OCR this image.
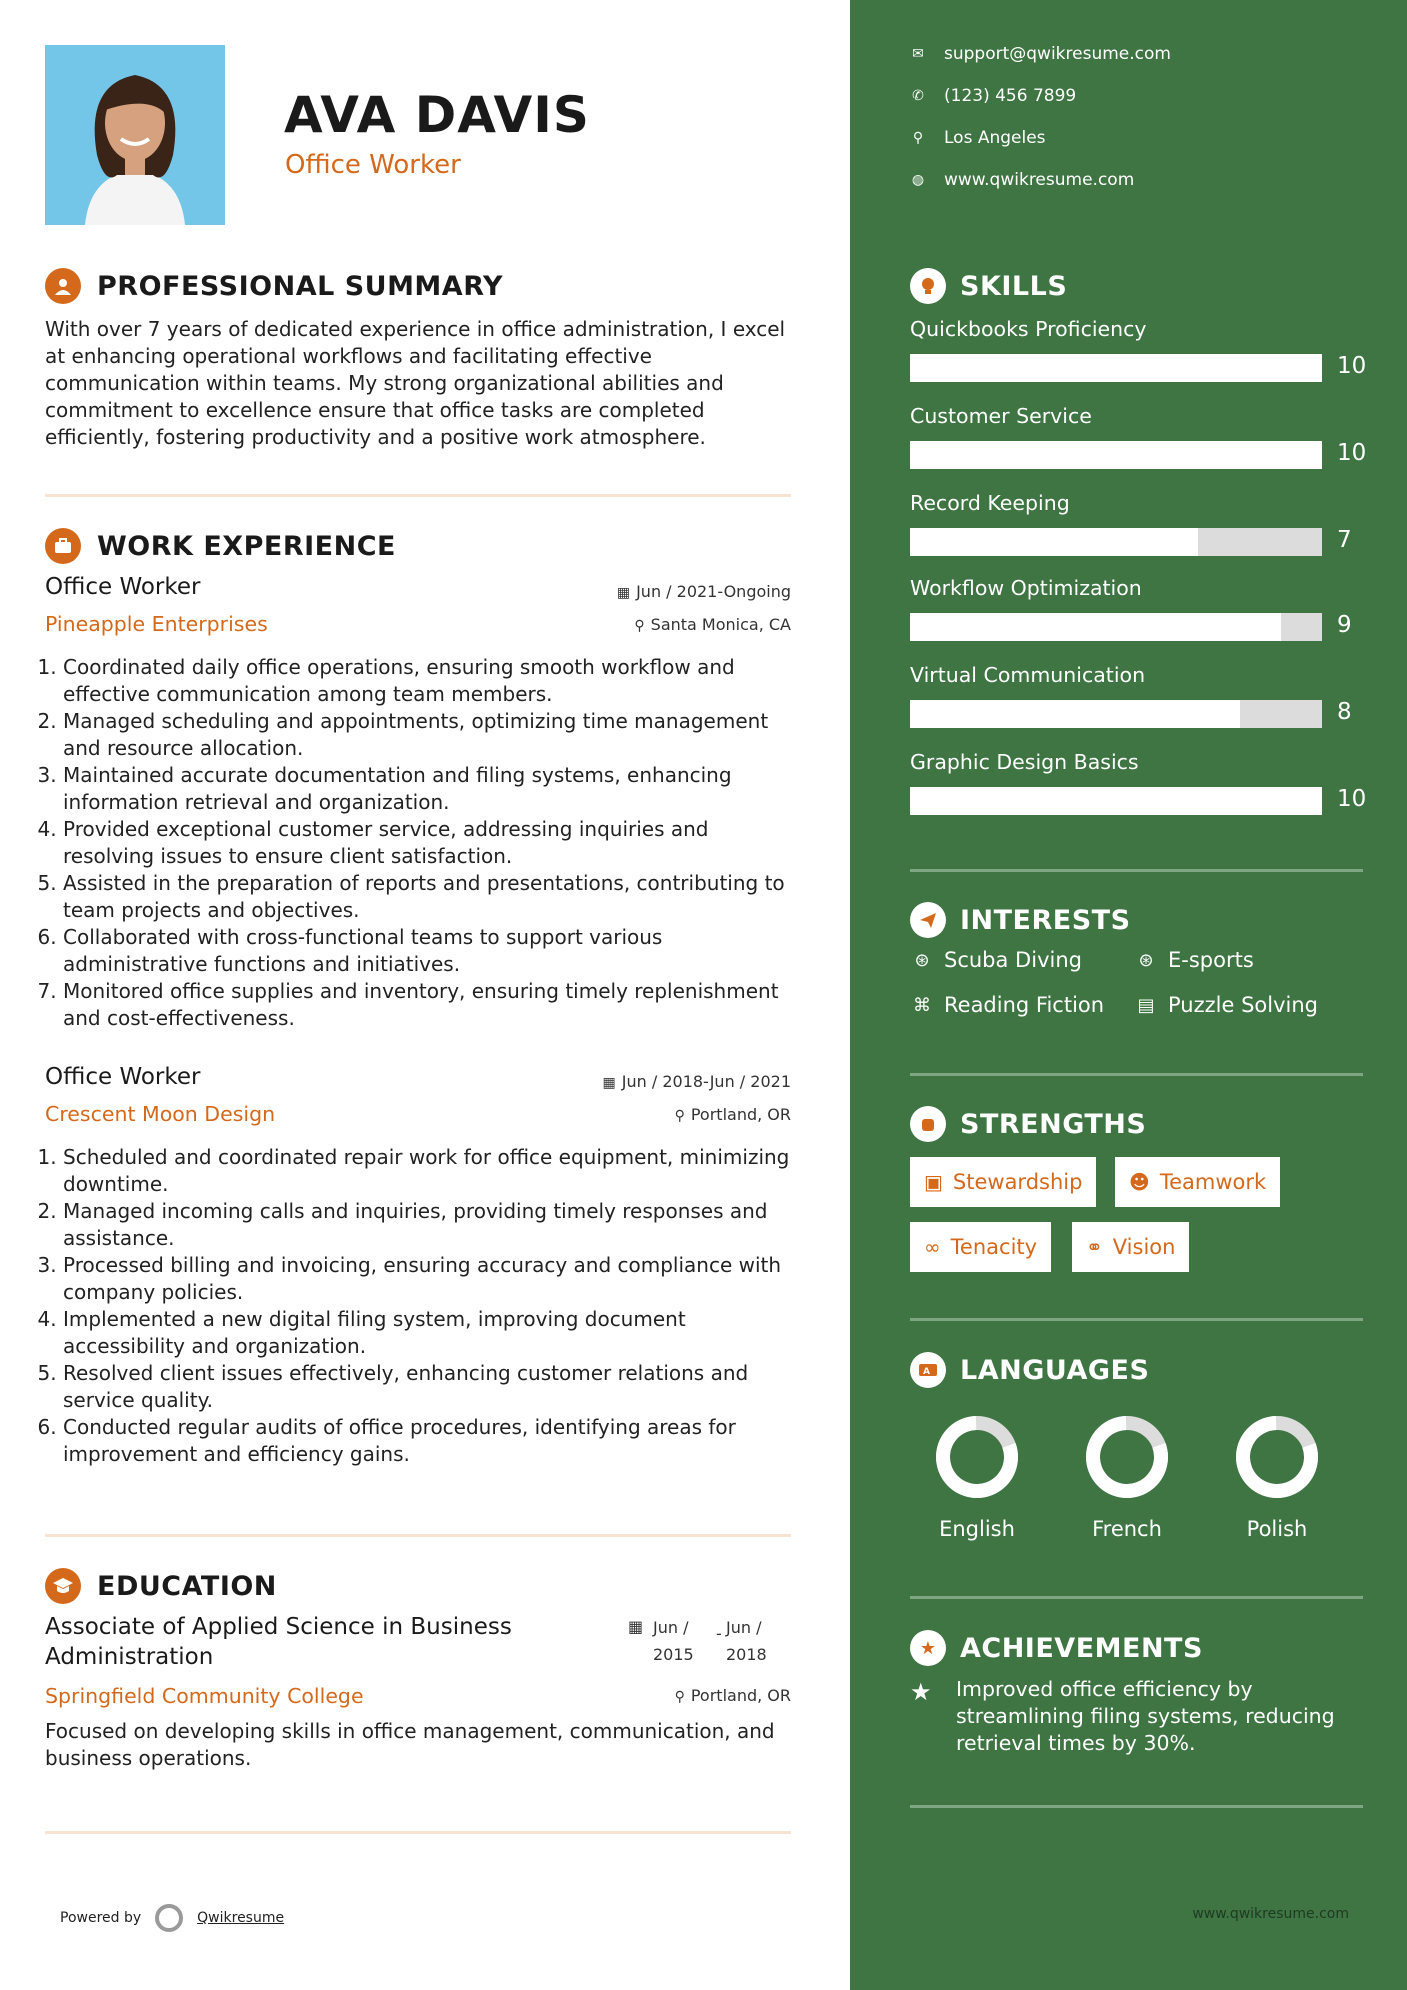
AVA DAVIS
Office Worker
PROFESSIONAL SUMMARY
With over 7 years of dedicated experience in office administration, I excel at enhancing operational workflows and facilitating effective communication within teams. My strong organizational abilities and commitment to excellence ensure that office tasks are completed efficiently, fostering productivity and a positive work atmosphere.
WORK EXPERIENCE
Office Worker	▦ Jun / 2021-Ongoing
Pineapple Enterprises	⚲ Santa Monica, CA
1. Coordinated daily office operations, ensuring smooth workflow and effective communication among team members.
2. Managed scheduling and appointments, optimizing time management and resource allocation.
3. Maintained accurate documentation and filing systems, enhancing information retrieval and organization.
4. Provided exceptional customer service, addressing inquiries and resolving issues to ensure client satisfaction.
5. Assisted in the preparation of reports and presentations, contributing to team projects and objectives.
6. Collaborated with cross-functional teams to support various administrative functions and initiatives.
7. Monitored office supplies and inventory, ensuring timely replenishment and cost-effectiveness.
Office Worker	▦ Jun / 2018-Jun / 2021
Crescent Moon Design	⚲ Portland, OR
1. Scheduled and coordinated repair work for office equipment, minimizing downtime.
2. Managed incoming calls and inquiries, providing timely responses and assistance.
3. Processed billing and invoicing, ensuring accuracy and compliance with company policies.
4. Implemented a new digital filing system, improving document accessibility and organization.
5. Resolved client issues effectively, enhancing customer relations and service quality.
6. Conducted regular audits of office procedures, identifying areas for improvement and efficiency gains.
EDUCATION
Associate of Applied Science in Business Administration
▦ Jun / 2015
- Jun / 2018
Springfield Community College	⚲ Portland, OR
Focused on developing skills in office management, communication, and business operations.
Powered by	Qwikresume
✉ support@qwikresume.com
✆ (123) 456 7899
⚲ Los Angeles
◍ www.qwikresume.com
SKILLS
Quickbooks Proficiency
10
Customer Service
10
Record Keeping
7
Workflow Optimization
9
Virtual Communication
8
Graphic Design Basics
10
INTERESTS
⊛ Scuba Diving	⊛ E-sports
⌘ Reading Fiction ▤ Puzzle Solving
STRENGTHS
▣ Stewardship ☻ Teamwork
∞ Tenacity ⚭ Vision
A LANGUAGES
English	French	Polish
★ ACHIEVEMENTS
★ Improved office efficiency by streamlining filing systems, reducing retrieval times by 30%.
www.qwikresume.com
